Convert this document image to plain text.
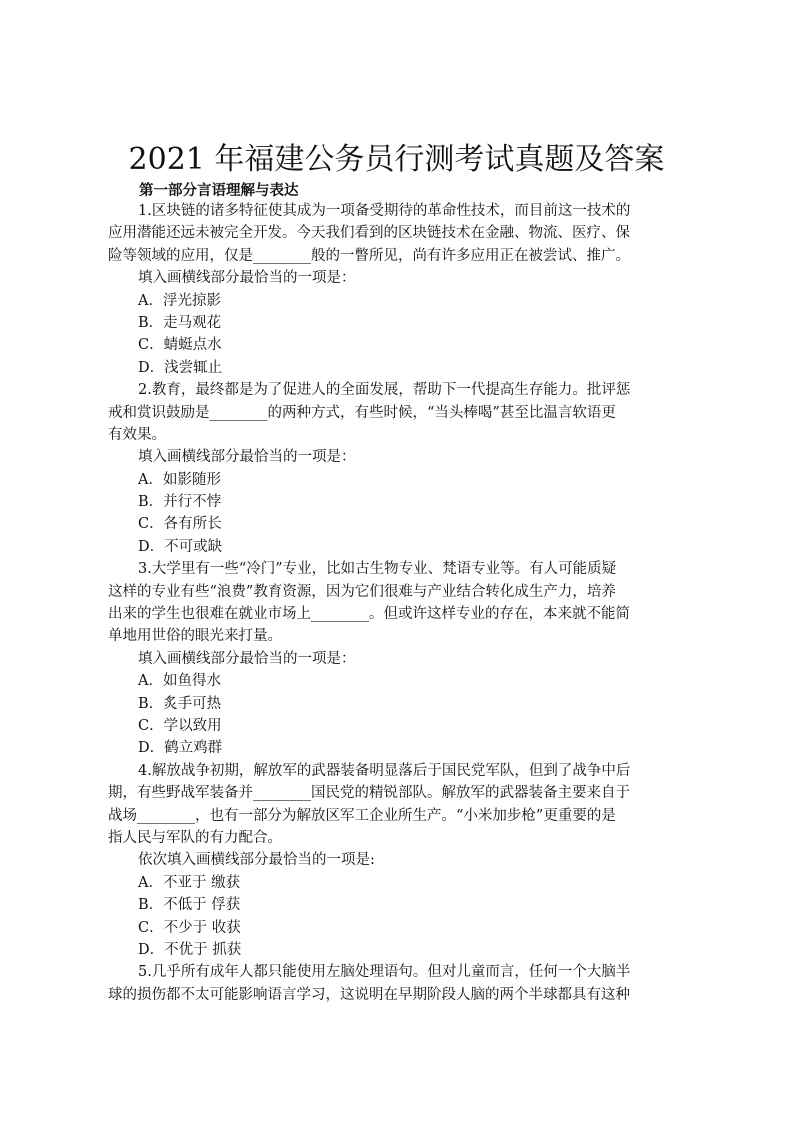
2021 年福建公务员行测考试真题及答案
第一部分言语理解与表达
1.区块链的诸多特征使其成为一项备受期待的革命性技术，而目前这一技术的
应用潜能还远未被完全开发。今天我们看到的区块链技术在金融、物流、医疗、保
险等领域的应用，仅是________般的一瞥所见，尚有许多应用正在被尝试、推广。
填入画横线部分最恰当的一项是：
A．浮光掠影
B．走马观花
C．蜻蜓点水
D．浅尝辄止
2.教育，最终都是为了促进人的全面发展，帮助下一代提高生存能力。批评惩
戒和赏识鼓励是________的两种方式，有些时候，“当头棒喝”甚至比温言软语更
有效果。
填入画横线部分最恰当的一项是：
A．如影随形
B．并行不悖
C．各有所长
D．不可或缺
3.大学里有一些“冷门”专业，比如古生物专业、梵语专业等。有人可能质疑
这样的专业有些“浪费”教育资源，因为它们很难与产业结合转化成生产力，培养
出来的学生也很难在就业市场上________。但或许这样专业的存在，本来就不能简
单地用世俗的眼光来打量。
填入画横线部分最恰当的一项是：
A．如鱼得水
B．炙手可热
C．学以致用
D．鹤立鸡群
4.解放战争初期，解放军的武器装备明显落后于国民党军队，但到了战争中后
期，有些野战军装备并________国民党的精锐部队。解放军的武器装备主要来自于
战场________，也有一部分为解放区军工企业所生产。“小米加步枪”更重要的是
指人民与军队的有力配合。
依次填入画横线部分最恰当的一项是:
A．不亚于 缴获
B．不低于 俘获
C．不少于 收获
D．不优于 抓获
5.几乎所有成年人都只能使用左脑处理语句。但对儿童而言，任何一个大脑半
球的损伤都不太可能影响语言学习，这说明在早期阶段人脑的两个半球都具有这种
